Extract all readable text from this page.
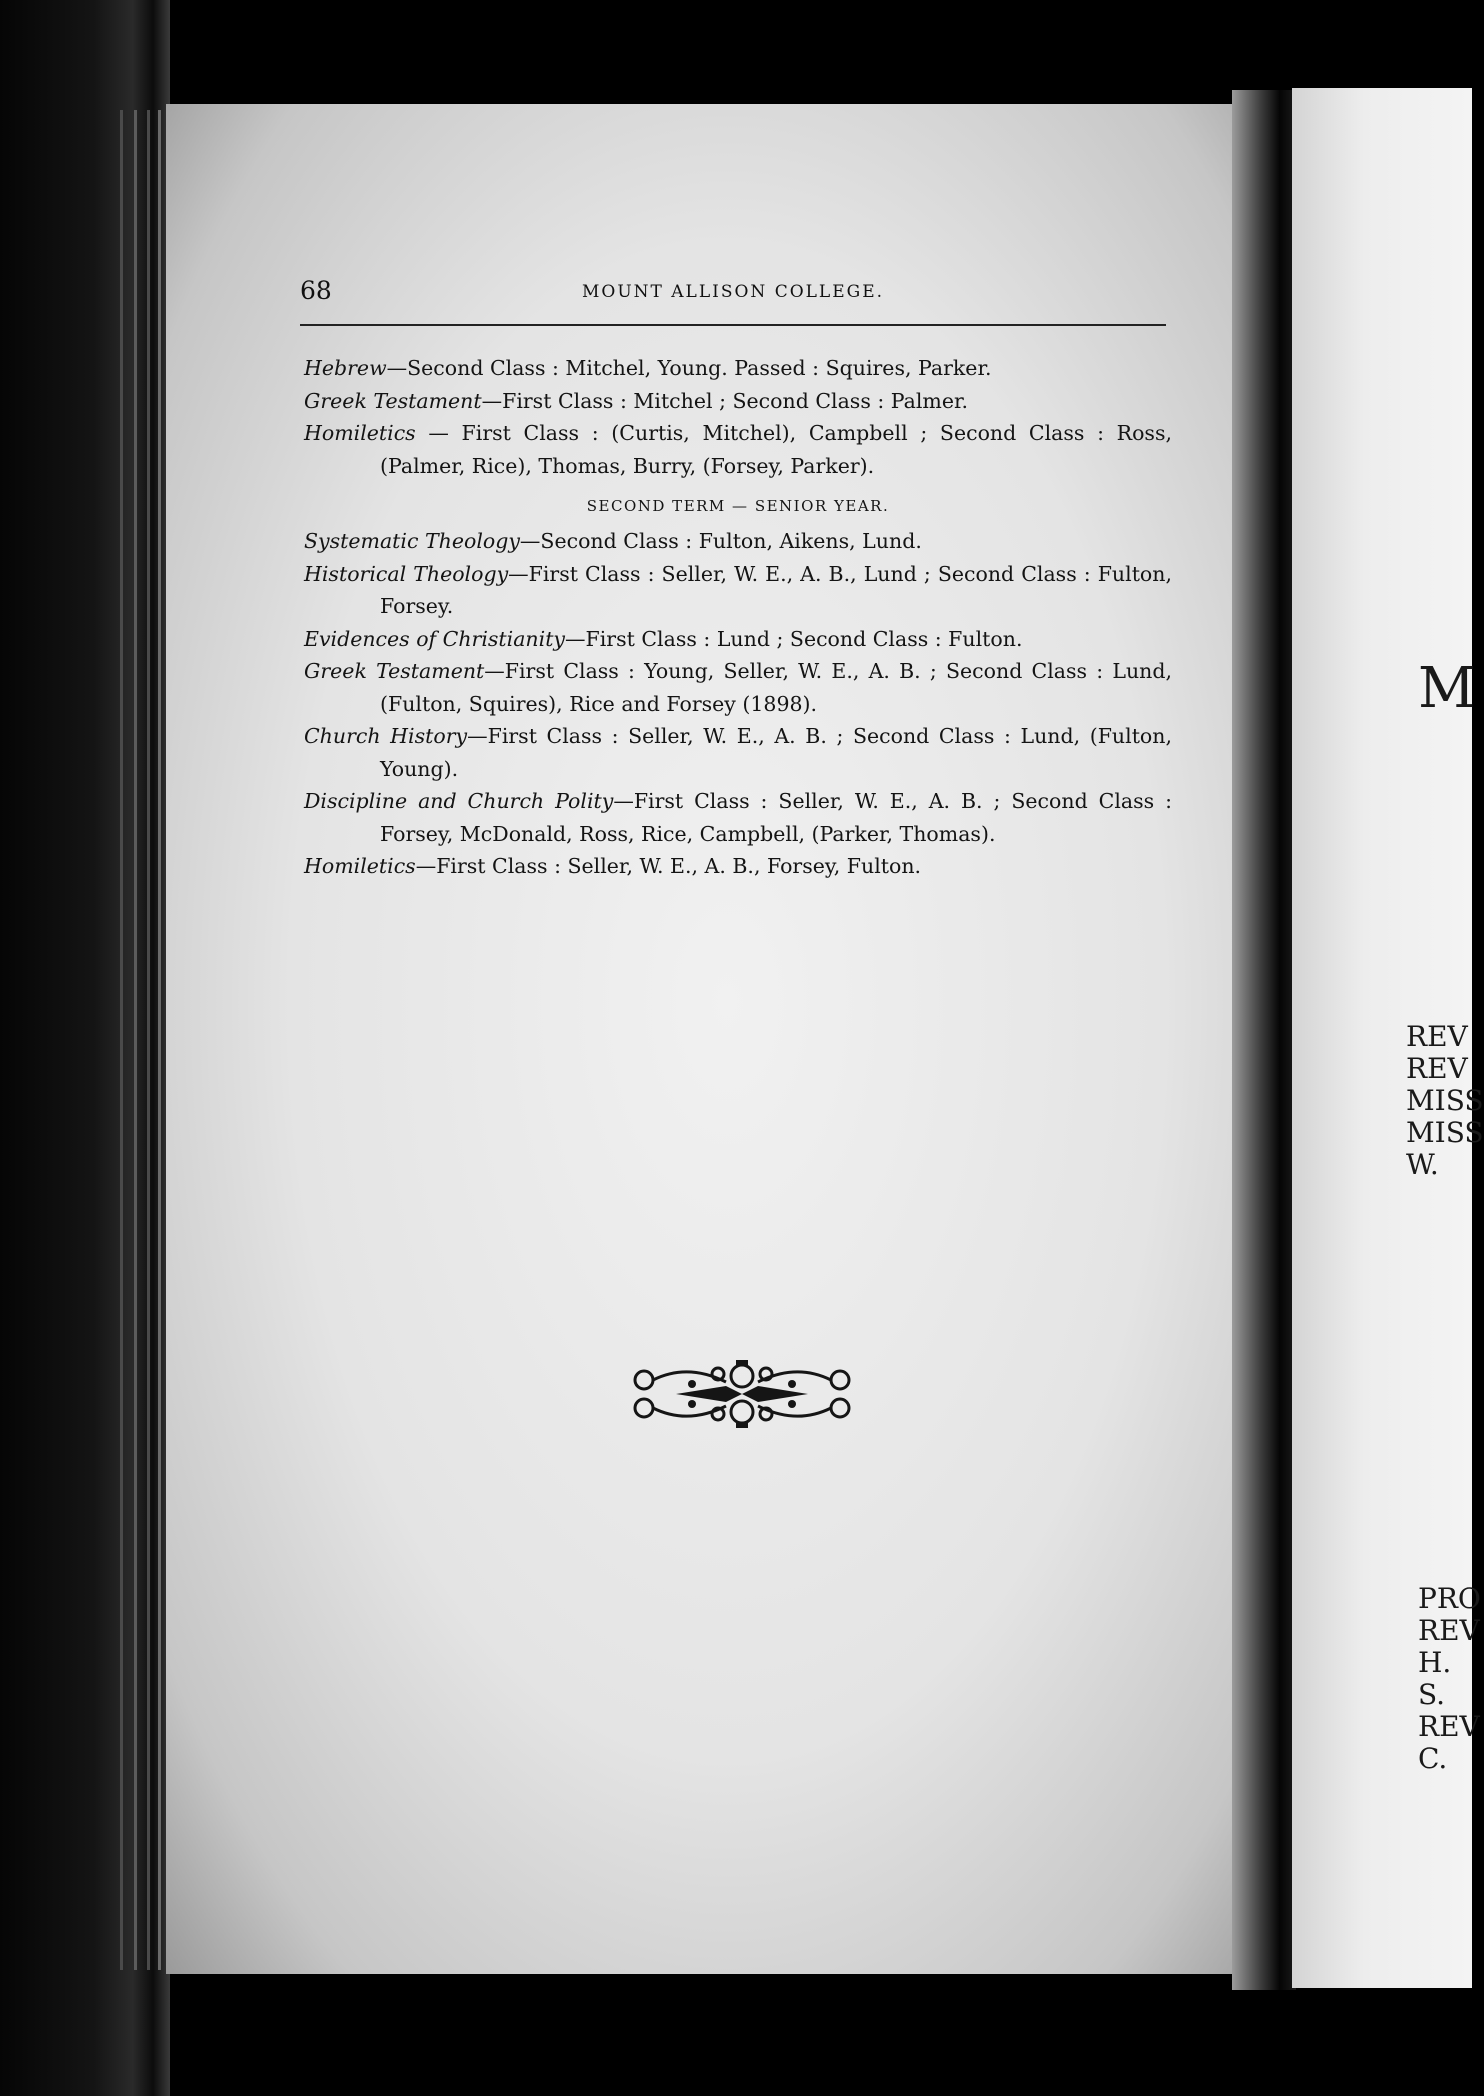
68	MOUNT ALLISON COLLEGE.
Hebrew—Second Class : Mitchel, Young. Passed : Squires, Parker.
Greek Testament—First Class : Mitchel ; Second Class : Palmer.
Homiletics — First Class : (Curtis, Mitchel), Campbell ; Second Class : Ross, (Palmer, Rice), Thomas, Burry, (Forsey, Parker).
SECOND TERM — SENIOR YEAR.
Systematic Theology—Second Class : Fulton, Aikens, Lund.
Historical Theology—First Class : Seller, W. E., A. B., Lund ; Second Class : Fulton, Forsey.
Evidences of Christianity—First Class : Lund ; Second Class : Fulton.
Greek Testament—First Class : Young, Seller, W. E., A. B. ; Second Class : Lund, (Fulton, Squires), Rice and Forsey (1898).
Church History—First Class : Seller, W. E., A. B. ; Second Class : Lund, (Fulton, Young).
Discipline and Church Polity—First Class : Seller, W. E., A. B. ; Second Class : Forsey, McDonald, Ross, Rice, Campbell, (Parker, Thomas).
Homiletics—First Class : Seller, W. E., A. B., Forsey, Fulton.
M
REV
REV
MISS
MISS
W.
PRO
REV
H.
S.
REV
C.
